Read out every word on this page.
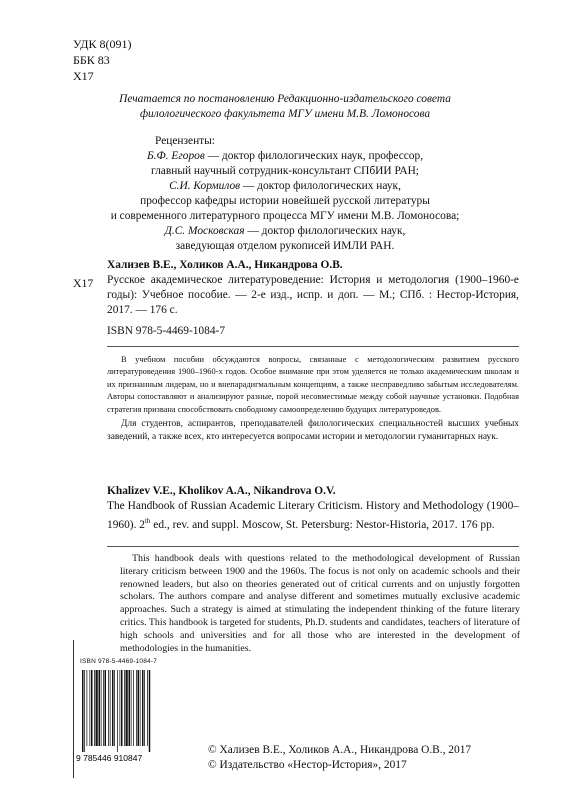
УДК 8(091)
ББК 83
Х17
Печатается по постановлению Редакционно-издательского совета
филологического факультета МГУ имени М.В. Ломоносова
Рецензенты:
Б.Ф. Егоров — доктор филологических наук, профессор,
главный научный сотрудник-консультант СПбИИ РАН;
С.И. Кормилов — доктор филологических наук,
профессор кафедры истории новейшей русской литературы
и современного литературного процесса МГУ имени М.В. Ломоносова;
Д.С. Московская — доктор филологических наук,
заведующая отделом рукописей ИМЛИ РАН.
Х17
Хализев В.Е., Холиков А.А., Никандрова О.В.
Русское академическое литературоведение: История и методология (1900–1960-е годы): Учебное пособие. — 2-е изд., испр. и доп. — М.; СПб. : Нестор-История, 2017. — 176 с.
ISBN 978-5-4469-1084-7

В учебном пособии обсуждаются вопросы, связанные с методологическим развитием русского литературоведения 1900–1960-х годов. Особое внимание при этом уделяется не только академическим школам и их признанным лидерам, но и внепарадигмальным концепциям, а также несправедливо забытым исследователям. Авторы сопоставляют и анализируют разные, порой несовместимые между собой научные установки. Подобная стратегия призвана способствовать свободному самоопределению будущих литературоведов.

Для студентов, аспирантов, преподавателей филологических специальностей высших учебных заведений, а также всех, кто интересуется вопросами истории и методологии гуманитарных наук.

Khalizev V.E., Kholikov A.A., Nikandrova O.V.
The Handbook of Russian Academic Literary Criticism. History and Methodology (1900–1960). 2th ed., rev. and suppl. Moscow, St. Petersburg: Nestor-Historia, 2017. 176 pp.

This handbook deals with questions related to the methodological development of Russian literary criticism between 1900 and the 1960s. The focus is not only on academic schools and their renowned leaders, but also on theories generated out of critical currents and on unjustly forgotten scholars. The authors compare and analyse different and sometimes mutually exclusive academic approaches. Such a strategy is aimed at stimulating the independent thinking of the future literary critics. This handbook is targeted for students, Ph.D. students and candidates, teachers of literature of high schools and universities and for all those who are interested in the development of methodologies in the humanities.

ISBN 978-5-4469-1084-7
9 785446 910847
© Хализев В.Е., Холиков А.А., Никандрова О.В., 2017
© Издательство «Нестор-История», 2017
